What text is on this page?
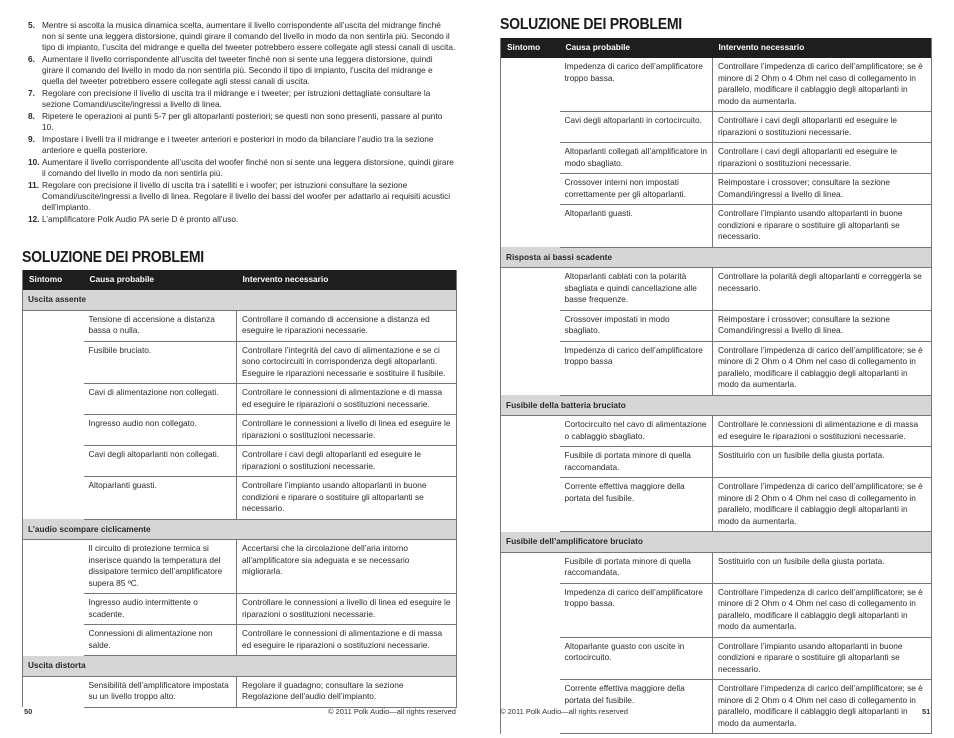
5. Mentre si ascolta la musica dinamica scelta, aumentare il livello corrispondente all’uscita del midrange finché non si sente una leggera distorsione, quindi girare il comando del livello in modo da non sentirla più. Secondo il tipo di impianto, l’uscita del midrange e quella del tweeter potrebbero essere collegate agli stessi canali di uscita.
6. Aumentare il livello corrispondente all’uscita del tweeter finché non si sente una leggera distorsione, quindi girare il comando del livello in modo da non sentirla più. Secondo il tipo di impianto, l’uscita del midrange e quella del tweeter potrebbero essere collegate agli stessi canali di uscita.
7. Regolare con precisione il livello di uscita tra il midrange e i tweeter; per istruzioni dettagliate consultare la sezione Comandi/uscite/ingressi a livello di linea.
8. Ripetere le operazioni ai punti 5-7 per gli altoparlanti posteriori; se questi non sono presenti, passare al punto 10.
9. Impostare i livelli tra il midrange e i tweeter anteriori e posteriori in modo da bilanciare l’audio tra la sezione anteriore e quella posteriore.
10. Aumentare il livello corrispondente all’uscita del woofer finché non si sente una leggera distorsione, quindi girare il comando del livello in modo da non sentirla più.
11. Regolare con precisione il livello di uscita tra i satelliti e i woofer; per istruzioni consultare la sezione Comandi/uscite/ingressi a livello di linea. Regolare il livello dei bassi del woofer per adattarlo ai requisiti acustici dell’impianto.
12. L’amplificatore Polk Audio PA serie D è pronto all’uso.
SOLUZIONE DEI PROBLEMI
Sintomo	Causa probabile	Intervento necessario
Uscita assente		
	Tensione di accensione a distanza bassa o nulla.	Controllare il comando di accensione a distanza ed eseguire le riparazioni necessarie.
	Fusibile bruciato.	Controllare l’integrità del cavo di alimentazione e se ci sono cortocircuiti in corrispondenza degli altoparlanti. Eseguire le riparazioni necessarie e sostituire il fusibile.
	Cavi di alimentazione non collegati.	Controllare le connessioni di alimentazione e di massa ed eseguire le riparazioni o sostituzioni necessarie.
	Ingresso audio non collegato.	Controllare le connessioni a livello di linea ed eseguire le riparazioni o sostituzioni necessarie.
	Cavi degli altoparlanti non collegati.	Controllare i cavi degli altoparlanti ed eseguire le riparazioni o sostituzioni necessarie.
	Altoparlanti guasti.	Controllare l’impianto usando altoparlanti in buone condizioni e riparare o sostituire gli altoparlanti se necessario.
L’audio scompare ciclicamente		
	Il circuito di protezione termica si inserisce quando la temperatura del dissipatore termico dell’amplificatore supera 85 ºC.	Accertarsi che la circolazione dell’aria intorno all’amplificatore sia adeguata e se necessario migliorarla.
	Ingresso audio intermittente o scadente.	Controllare le connessioni a livello di linea ed eseguire le riparazioni o sostituzioni necessarie.
	Connessioni di alimentazione non salde.	Controllare le connessioni di alimentazione e di massa ed eseguire le riparazioni o sostituzioni necessarie.
Uscita distorta		
	Sensibilità dell’amplificatore impostata su un livello troppo alto.	Regolare il guadagno; consultare la sezione Regolazione dell’audio dell’impianto.
50	© 2011 Polk Audio—all rights reserved
SOLUZIONE DEI PROBLEMI
Sintomo	Causa probabile	Intervento necessario
	Impedenza di carico dell’amplificatore troppo bassa.	Controllare l’impedenza di carico dell’amplificatore; se è minore di 2 Ohm o 4 Ohm nel caso di collegamento in parallelo, modificare il cablaggio degli altoparlanti in modo da aumentarla.
	Cavi degli altoparlanti in cortocircuito.	Controllare i cavi degli altoparlanti ed eseguire le riparazioni o sostituzioni necessarie.
	Altoparlanti collegati all’amplificatore in modo sbagliato.	Controllare i cavi degli altoparlanti ed eseguire le riparazioni o sostituzioni necessarie.
	Crossover interni non impostati correttamente per gli altoparlanti.	Reimpostare i crossover; consultare la sezione Comandi/ingressi a livello di linea.
	Altoparlanti guasti.	Controllare l’impianto usando altoparlanti in buone condizioni e riparare o sostituire gli altoparlanti se necessario.
Risposta ai bassi scadente		
	Altoparlanti cablati con la polarità sbagliata e quindi cancellazione alle basse frequenze.	Controllare la polarità degli altoparlanti e correggerla se necessario.
	Crossover impostati in modo sbagliato.	Reimpostare i crossover; consultare la sezione Comandi/ingressi a livello di linea.
	Impedenza di carico dell’amplificatore troppo bassa	Controllare l’impedenza di carico dell’amplificatore; se è minore di 2 Ohm o 4 Ohm nel caso di collegamento in parallelo, modificare il cablaggio degli altoparlanti in modo da aumentarla.
Fusibile della batteria bruciato		
	Cortocircuito nel cavo di alimentazione o cablaggio sbagliato.	Controllare le connessioni di alimentazione e di massa ed eseguire le riparazioni o sostituzioni necessarie.
	Fusibile di portata minore di quella raccomandata.	Sostituirlo con un fusibile della giusta portata.
	Corrente effettiva maggiore della portata del fusibile.	Controllare l’impedenza di carico dell’amplificatore; se è minore di 2 Ohm o 4 Ohm nel caso di collegamento in parallelo, modificare il cablaggio degli altoparlanti in modo da aumentarla.
Fusibile dell’amplificatore bruciato		
	Fusibile di portata minore di quella raccomandata.	Sostituirlo con un fusibile della giusta portata.
	Impedenza di carico dell’amplificatore troppo bassa.	Controllare l’impedenza di carico dell’amplificatore; se è minore di 2 Ohm o 4 Ohm nel caso di collegamento in parallelo, modificare il cablaggio degli altoparlanti in modo da aumentarla.
	Altoparlante guasto con uscite in cortocircuito.	Controllare l’impianto usando altoparlanti in buone condizioni e riparare o sostituire gli altoparlanti se necessario.
	Corrente effettiva maggiore della portata del fusibile.	Controllare l’impedenza di carico dell’amplificatore; se è minore di 2 Ohm o 4 Ohm nel caso di collegamento in parallelo, modificare il cablaggio degli altoparlanti in modo da aumentarla.
© 2011 Polk Audio—all rights reserved	51
